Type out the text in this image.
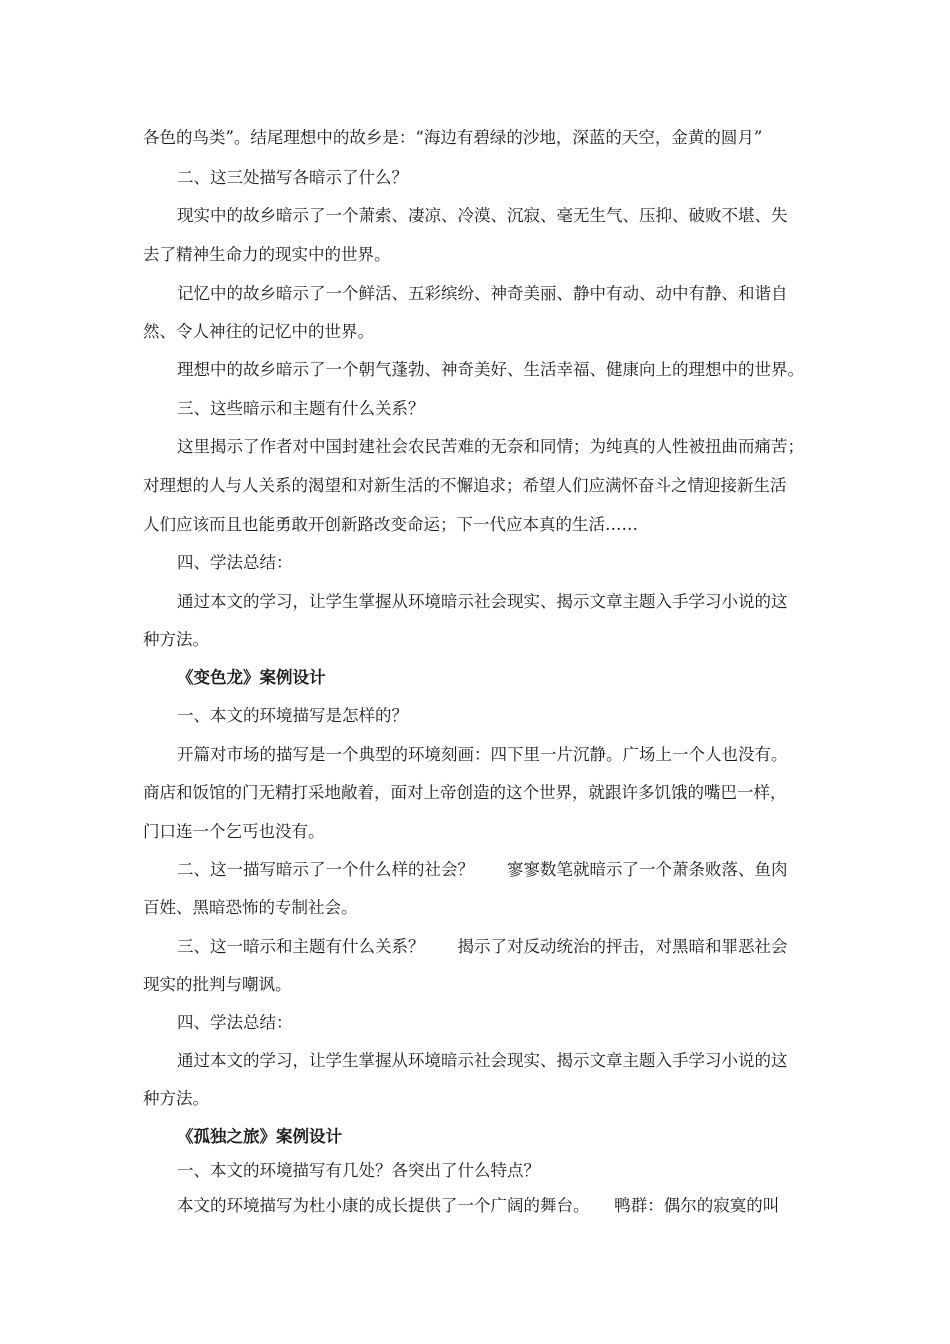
各色的鸟类”。结尾理想中的故乡是：“海边有碧绿的沙地，深蓝的天空，金黄的圆月”
二、这三处描写各暗示了什么？
现实中的故乡暗示了一个萧索、凄凉、冷漠、沉寂、毫无生气、压抑、破败不堪、失
去了精神生命力的现实中的世界。
记忆中的故乡暗示了一个鲜活、五彩缤纷、神奇美丽、静中有动、动中有静、和谐自
然、令人神往的记忆中的世界。
理想中的故乡暗示了一个朝气蓬勃、神奇美好、生活幸福、健康向上的理想中的世界。
三、这些暗示和主题有什么关系？
这里揭示了作者对中国封建社会农民苦难的无奈和同情；为纯真的人性被扭曲而痛苦；
对理想的人与人关系的渴望和对新生活的不懈追求；希望人们应满怀奋斗之情迎接新生活
人们应该而且也能勇敢开创新路改变命运；下一代应本真的生活……
四、学法总结：
通过本文的学习，让学生掌握从环境暗示社会现实、揭示文章主题入手学习小说的这
种方法。
《变色龙》案例设计
一、本文的环境描写是怎样的？
开篇对市场的描写是一个典型的环境刻画：四下里一片沉静。广场上一个人也没有。
商店和饭馆的门无精打采地敞着，面对上帝创造的这个世界，就跟许多饥饿的嘴巴一样，
门口连一个乞丐也没有。
二、这一描写暗示了一个什么样的社会？　　寥寥数笔就暗示了一个萧条败落、鱼肉
百姓、黑暗恐怖的专制社会。
三、这一暗示和主题有什么关系？　　揭示了对反动统治的抨击，对黑暗和罪恶社会
现实的批判与嘲讽。
四、学法总结：
通过本文的学习，让学生掌握从环境暗示社会现实、揭示文章主题入手学习小说的这
种方法。
《孤独之旅》案例设计
一、本文的环境描写有几处？各突出了什么特点？
本文的环境描写为杜小康的成长提供了一个广阔的舞台。　　鸭群：偶尔的寂寞的叫
